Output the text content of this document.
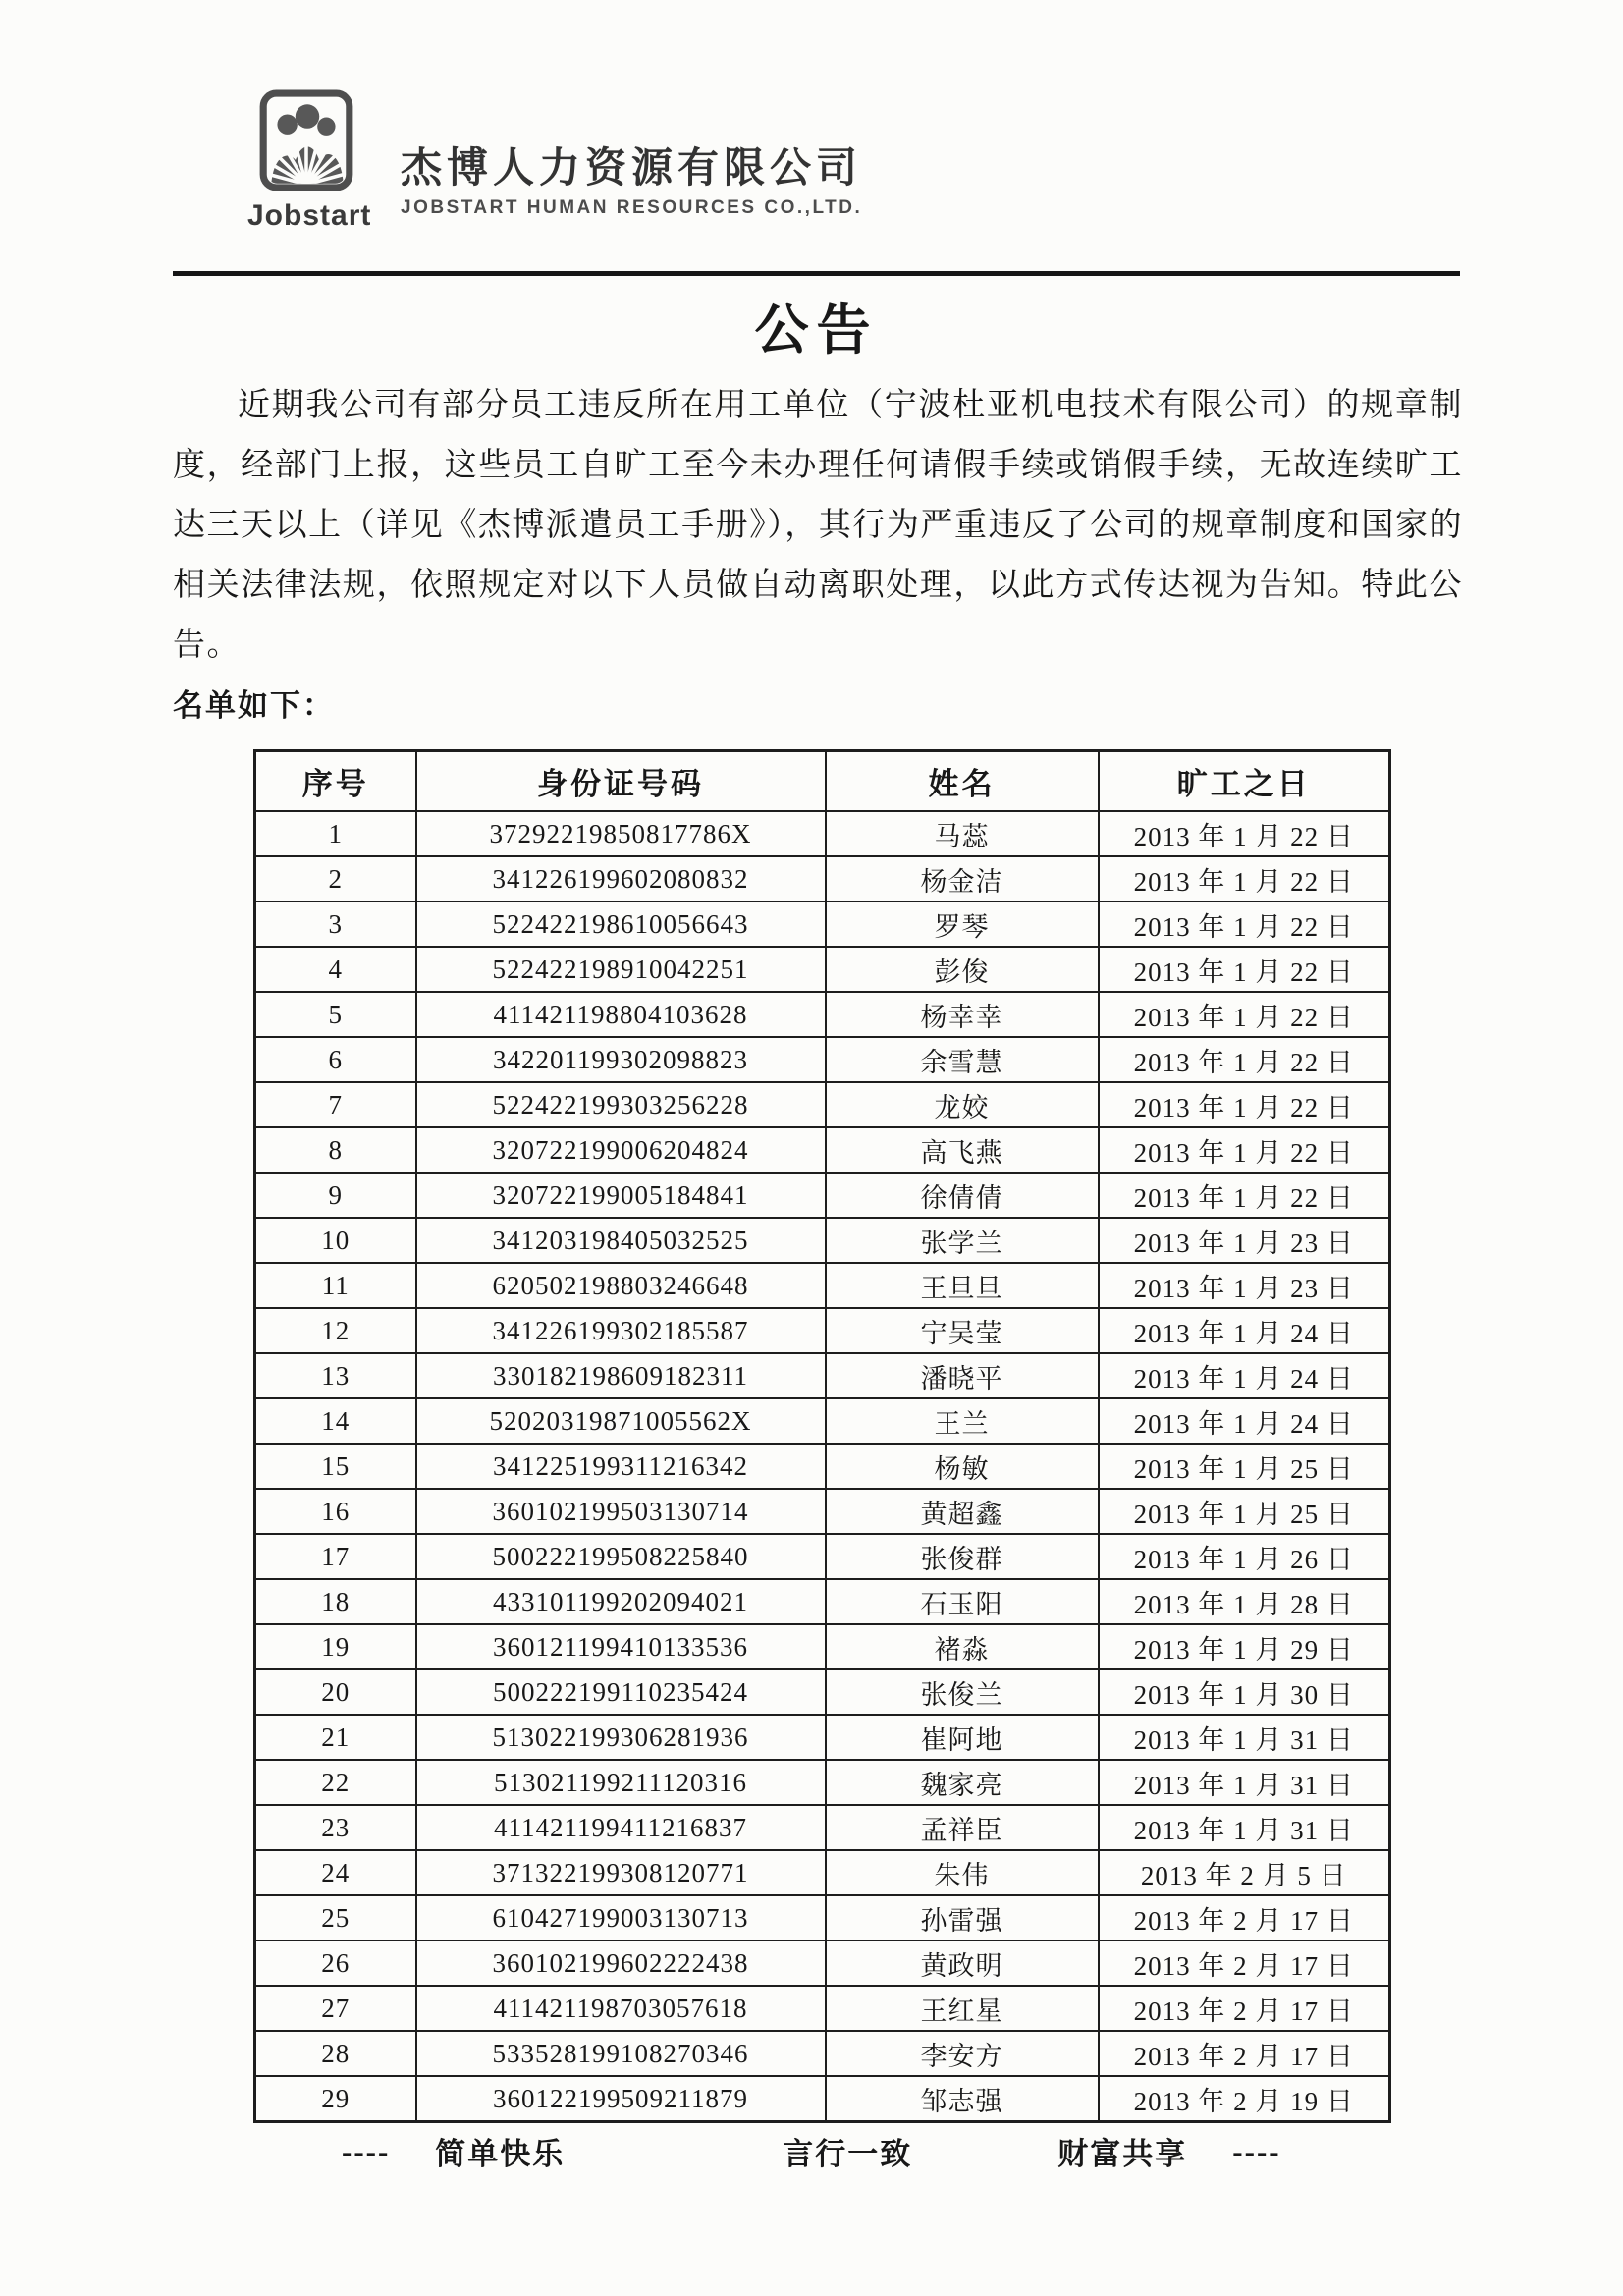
Jobstart
杰博人力资源有限公司
JOBSTART HUMAN RESOURCES CO.,LTD.
公告
近期我公司有部分员工违反所在用工单位（宁波杜亚机电技术有限公司）的规章制度，经部门上报，这些员工自旷工至今未办理任何请假手续或销假手续，无故连续旷工达三天以上（详见《杰博派遣员工手册》），其行为严重违反了公司的规章制度和国家的相关法律法规，依照规定对以下人员做自动离职处理，以此方式传达视为告知。特此公告。
名单如下：
序号	身份证号码	姓名	旷工之日
1	37292219850817786X	马蕊	2013 年 1 月 22 日
2	341226199602080832	杨金洁	2013 年 1 月 22 日
3	522422198610056643	罗琴	2013 年 1 月 22 日
4	522422198910042251	彭俊	2013 年 1 月 22 日
5	411421198804103628	杨幸幸	2013 年 1 月 22 日
6	342201199302098823	余雪慧	2013 年 1 月 22 日
7	522422199303256228	龙姣	2013 年 1 月 22 日
8	320722199006204824	高飞燕	2013 年 1 月 22 日
9	320722199005184841	徐倩倩	2013 年 1 月 22 日
10	341203198405032525	张学兰	2013 年 1 月 23 日
11	620502198803246648	王旦旦	2013 年 1 月 23 日
12	341226199302185587	宁吴莹	2013 年 1 月 24 日
13	330182198609182311	潘晓平	2013 年 1 月 24 日
14	52020319871005562X	王兰	2013 年 1 月 24 日
15	341225199311216342	杨敏	2013 年 1 月 25 日
16	360102199503130714	黄超鑫	2013 年 1 月 25 日
17	500222199508225840	张俊群	2013 年 1 月 26 日
18	433101199202094021	石玉阳	2013 年 1 月 28 日
19	360121199410133536	褚淼	2013 年 1 月 29 日
20	500222199110235424	张俊兰	2013 年 1 月 30 日
21	513022199306281936	崔阿地	2013 年 1 月 31 日
22	513021199211120316	魏家亮	2013 年 1 月 31 日
23	411421199411216837	孟祥臣	2013 年 1 月 31 日
24	371322199308120771	朱伟	2013 年 2 月 5 日
25	610427199003130713	孙雷强	2013 年 2 月 17 日
26	360102199602222438	黄政明	2013 年 2 月 17 日
27	411421198703057618	王红星	2013 年 2 月 17 日
28	533528199108270346	李安方	2013 年 2 月 17 日
29	360122199509211879	邹志强	2013 年 2 月 19 日
---- 简单快乐	言行一致	财富共享 ----
